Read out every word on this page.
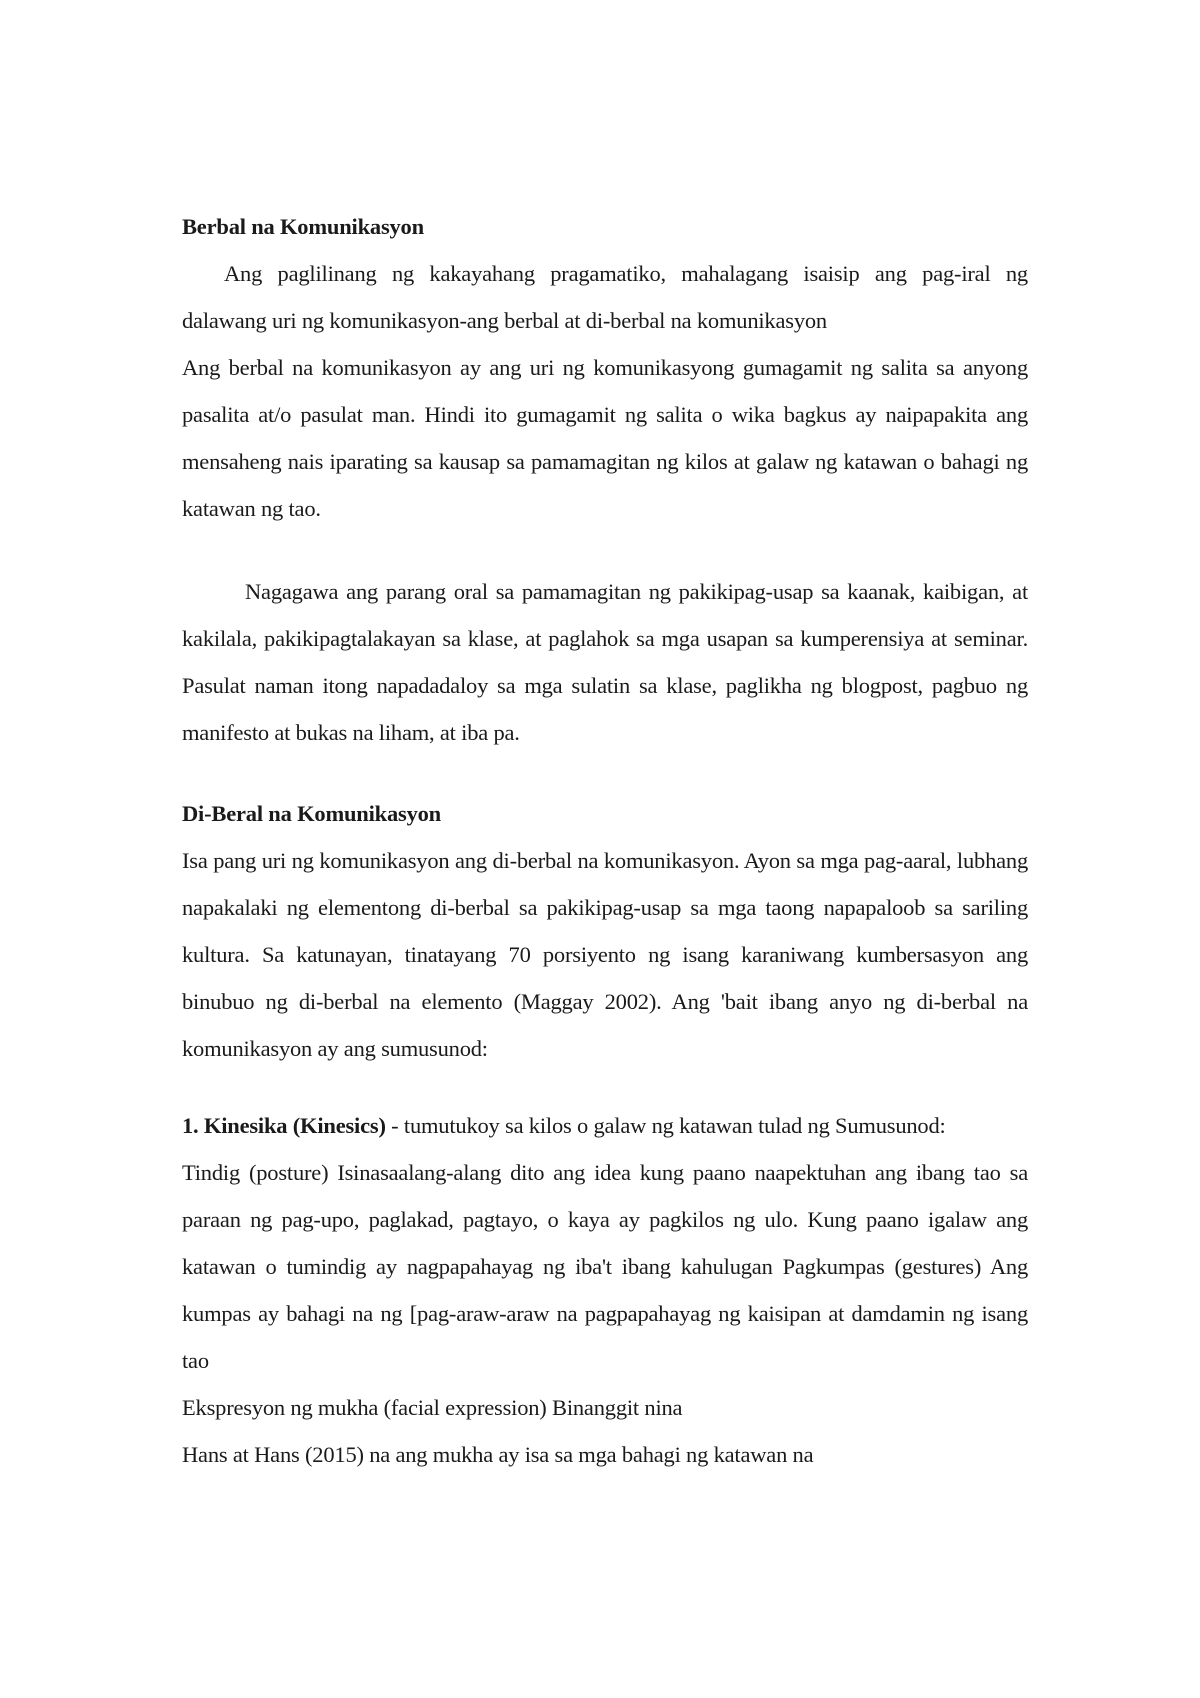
Berbal na Komunikasyon

Ang paglilinang ng kakayahang pragamatiko, mahalagang isaisip ang pag-iral ng dalawang uri ng komunikasyon-ang berbal at di-berbal na komunikasyon

Ang berbal na komunikasyon ay ang uri ng komunikasyong gumagamit ng salita sa anyong pasalita at/o pasulat man. Hindi ito gumagamit ng salita o wika bagkus ay naipapakita ang mensaheng nais iparating sa kausap sa pamamagitan ng kilos at galaw ng katawan o bahagi ng katawan ng tao.

Nagagawa ang parang oral sa pamamagitan ng pakikipag-usap sa kaanak, kaibigan, at kakilala, pakikipagtalakayan sa klase, at paglahok sa mga usapan sa kumperensiya at seminar. Pasulat naman itong napadadaloy sa mga sulatin sa klase, paglikha ng blogpost, pagbuo ng manifesto at bukas na liham, at iba pa.

Di-Beral na Komunikasyon

Isa pang uri ng komunikasyon ang di-berbal na komunikasyon. Ayon sa mga pag-aaral, lubhang napakalaki ng elementong di-berbal sa pakikipag-usap sa mga taong napapaloob sa sariling kultura. Sa katunayan, tinatayang 70 porsiyento ng isang karaniwang kumbersasyon ang binubuo ng di-berbal na elemento (Maggay 2002). Ang 'bait ibang anyo ng di-berbal na komunikasyon ay ang sumusunod:

1. Kinesika (Kinesics) - tumutukoy sa kilos o galaw ng katawan tulad ng Sumusunod:

Tindig (posture) Isinasaalang-alang dito ang idea kung paano naapektuhan ang ibang tao sa paraan ng pag-upo, paglakad, pagtayo, o kaya ay pagkilos ng ulo. Kung paano igalaw ang katawan o tumindig ay nagpapahayag ng iba't ibang kahulugan Pagkumpas (gestures) Ang kumpas ay bahagi na ng [pag-araw-araw na pagpapahayag ng kaisipan at damdamin ng isang tao

Ekspresyon ng mukha (facial expression) Binanggit nina

Hans at Hans (2015) na ang mukha ay isa sa mga bahagi ng katawan na
